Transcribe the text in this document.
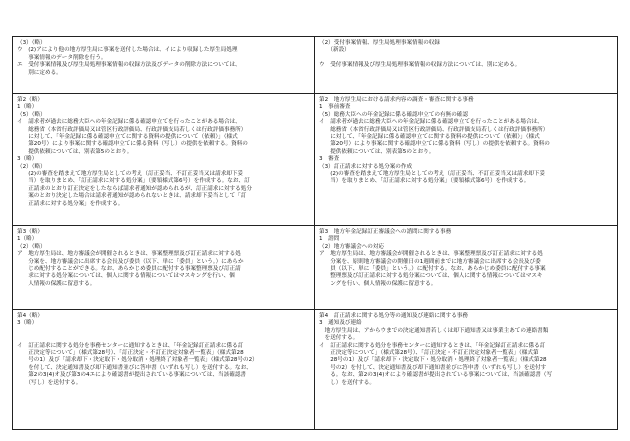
（3）（略）
ウ　(2)アにより他の地方厚生局に事案を送付した場合は、イにより収録した厚生局処理
　　事案情報のデータ削除を行う。
エ　受付事案情報及び厚生局処理事案情報の収録方法及びデータの削除方法については、
　　別に定める。
第2（略）
1（略）
（5）（略）
イ　請求者が過去に総務大臣への年金記録に係る確認申立てを行ったことがある場合は、
　　総務省（本省行政評価局又は管区行政評価局、行政評価支局若しくは行政評価事務所）
　　に対して、「年金記録に係る確認申立てに関する資料の提供について（依頼）」（様式
　　第20号）により事案に関する確認申立てに係る資料（写し）の提供を依頼する。資料の
　　提供依頼については、別表第5のとおり。
3（略）
（2）（略）
　　(2)の審査を踏まえて地方厚生局としての考え（訂正妥当、不訂正妥当又は請求却下妥
　　当）を取りまとめ、「訂正請求に対する処分案」（要領様式第6号）を作成する。なお、訂
　　正請求のとおり訂正決定をしたならば請求者通知が認められるが、訂正請求に対する処分
　　案のとおり決定した場合は請求者通知が認められないときは、請求却下妥当として「訂
　　正請求に対する処分案」を作成する。
第3（略）
1（略）
（2）（略）
ア　地方厚生局は、地方審議会が開催されるときは、事案整理票及び訂正請求に対する処
　　分案を、地方審議会に出席する会長及び委員（以下、単に「委員」という。）にあらか
　　じめ配付することができる。なお、あらかじめ委員に配付する事案整理票及び訂正請
　　求に対する処分案については、個人に関する情報についてはマスキングを行い、個
　　人情報の保護に留意する。
第4（略）
3（略）
イ　訂正請求に関する処分を事務センターに通知するときは、「年金記録訂正請求に係る訂
　　正決定等について」（様式第28号）、「訂正決定・不訂正決定対象者一覧表」（様式第28
　　号の1）及び「請求却下・決定取下・処分取消・処理終了対象者一覧表」（様式第28号の2）
　　を付して、決定通知書及び却下通知書並びに答申書（いずれも写し）を送付する。なお、
　　第2の3(4)オ及び第3の4エにより確認書が提出されている事案については、当該確認書
　　（写し）を送付する。
（2）受付事案情報、厚生局処理事案情報の収録
　　（新設）
ウ　受付事案情報及び厚生局処理事案情報の収録方法については、別に定める。
第2　地方厚生局における請求内容の調査・審査に関する事務
1　事前審査
（5）総務大臣への年金記録に係る確認申立ての有無の確認
イ　請求者が過去に総務大臣への年金記録に係る確認申立てを行ったことがある場合は、
　　総務省（本省行政評価局又は管区行政評価局、行政評価支局若しくは行政評価事務所）
　　に対して、「年金記録に係る確認申立てに関する資料の提供について（依頼）」（様式
　　第20号）により事案に関する確認申立てに係る資料（写し）の提供を依頼する。資料の
　　提供依頼については、別表第5のとおり。
3　審査
（3）訂正請求に対する処分案の作成
　　(2)の審査を踏まえて地方厚生局としての考え（訂正妥当、不訂正妥当又は請求却下妥
　　当）を取りまとめ、「訂正請求に対する処分案」（要領様式第6号）を作成する。
第3　地方年金記録訂正審議会への諮問に関する事務
1　諮問
（2）地方審議会への対応
ア　地方厚生局は、地方審議会が開催されるときは、事案整理票及び訂正請求に対する処
　　分案を、原則地方審議会の開催日の1週間前までに地方審議会に出席する会長及び委
　　員（以下、単に「委員」という。）に配付する。なお、あらかじめ委員に配付する事案
　　整理票及び訂正請求に対する処分案については、個人に関する情報についてはマスキ
　　ングを行い、個人情報の保護に留意する。
第4　訂正請求に関する処分等の通知及び連絡に関する事務
3　通知及び連絡
　地方厚生局は、アからウまでの決定通知書若しくは却下通知書又は事業主あての連絡書類
　を送付する。
イ　訂正請求に関する処分を事務センターに通知するときは、「年金記録訂正請求に係る訂
　　正決定等について」（様式第28号）、「訂正決定・不訂正決定対象者一覧表」（様式第
　　28号の1）及び「請求却下・決定取下・処分取消・処理終了対象者一覧表」（様式第28
　　号の2）を付して、決定通知書及び却下通知書並びに答申書（いずれも写し）を送付す
　　る。なお、第2の3(4)オにより確認書が提出されている事案については、当該確認書（写
　　し）を送付する。
